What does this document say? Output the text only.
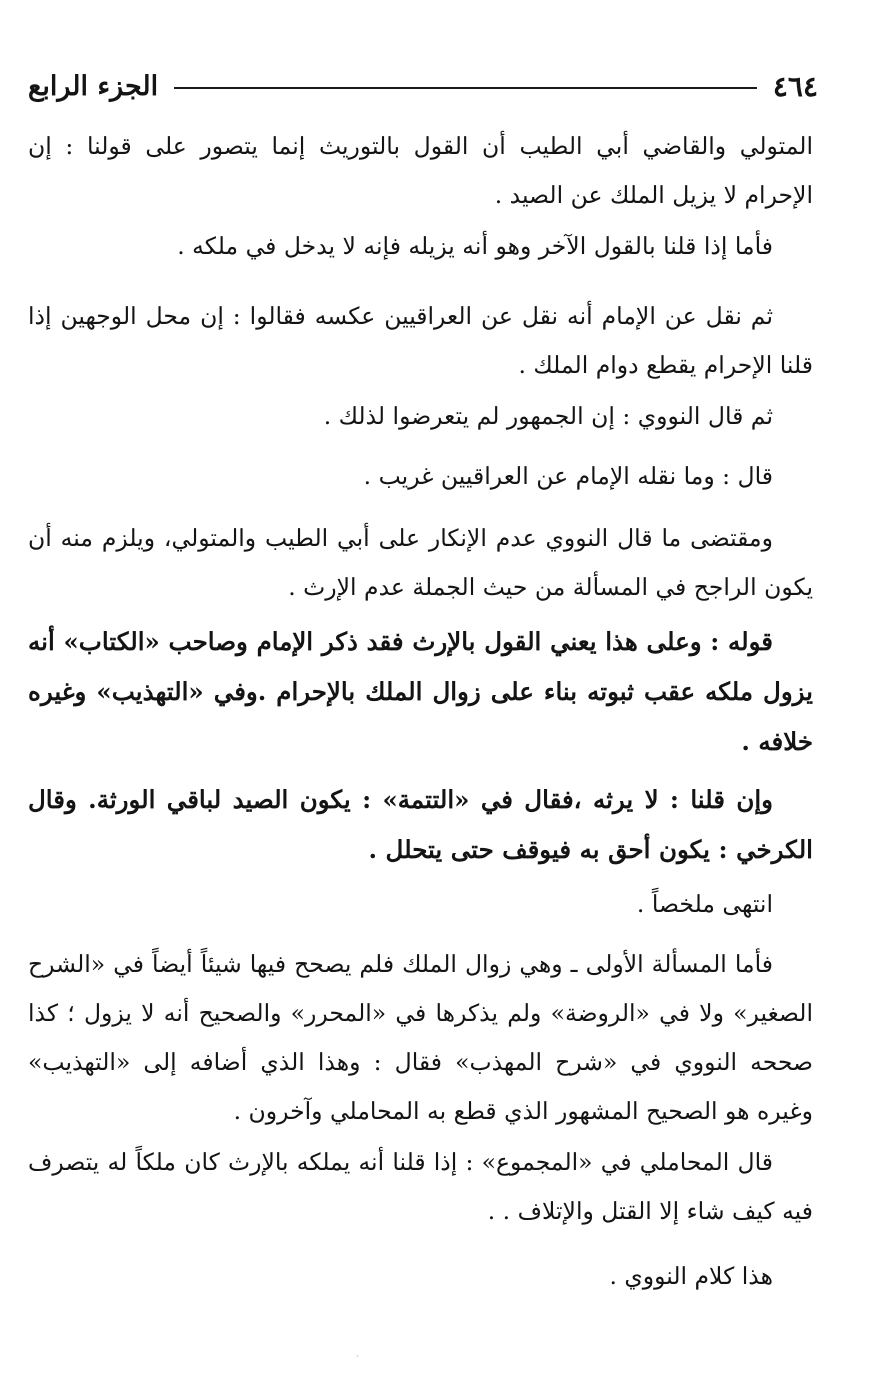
٤٦٤
الجزء الرابع

المتولي والقاضي أبي الطيب أن القول بالتوريث إنما يتصور على قولنا : إن الإحرام لا يزيل الملك عن الصيد .

فأما إذا قلنا بالقول الآخر وهو أنه يزيله فإنه لا يدخل في ملكه .

ثم نقل عن الإمام أنه نقل عن العراقيين عكسه فقالوا : إن محل الوجهين إذا قلنا الإحرام يقطع دوام الملك .

ثم قال النووي : إن الجمهور لم يتعرضوا لذلك .

قال : وما نقله الإمام عن العراقيين غريب .

ومقتضى ما قال النووي عدم الإنكار على أبي الطيب والمتولي، ويلزم منه أن يكون الراجح في المسألة من حيث الجملة عدم الإرث .

قوله : وعلى هذا يعني القول بالإرث فقد ذكر الإمام وصاحب «الكتاب» أنه يزول ملكه عقب ثبوته بناء على زوال الملك بالإحرام .وفي «التهذيب» وغيره خلافه .

وإن قلنا : لا يرثه ،فقال في «التتمة» : يكون الصيد لباقي الورثة. وقال الكرخي : يكون أحق به فيوقف حتى يتحلل .

انتهى ملخصاً .

فأما المسألة الأولى ـ وهي زوال الملك فلم يصحح فيها شيئاً أيضاً في «الشرح الصغير» ولا في «الروضة» ولم يذكرها في «المحرر» والصحيح أنه لا يزول ؛ كذا صححه النووي في «شرح المهذب» فقال : وهذا الذي أضافه إلى «التهذيب» وغيره هو الصحيح المشهور الذي قطع به المحاملي وآخرون .

قال المحاملي في «المجموع» : إذا قلنا أنه يملكه بالإرث كان ملكاً له يتصرف فيه كيف شاء إلا القتل والإتلاف . .

هذا كلام النووي .

·
